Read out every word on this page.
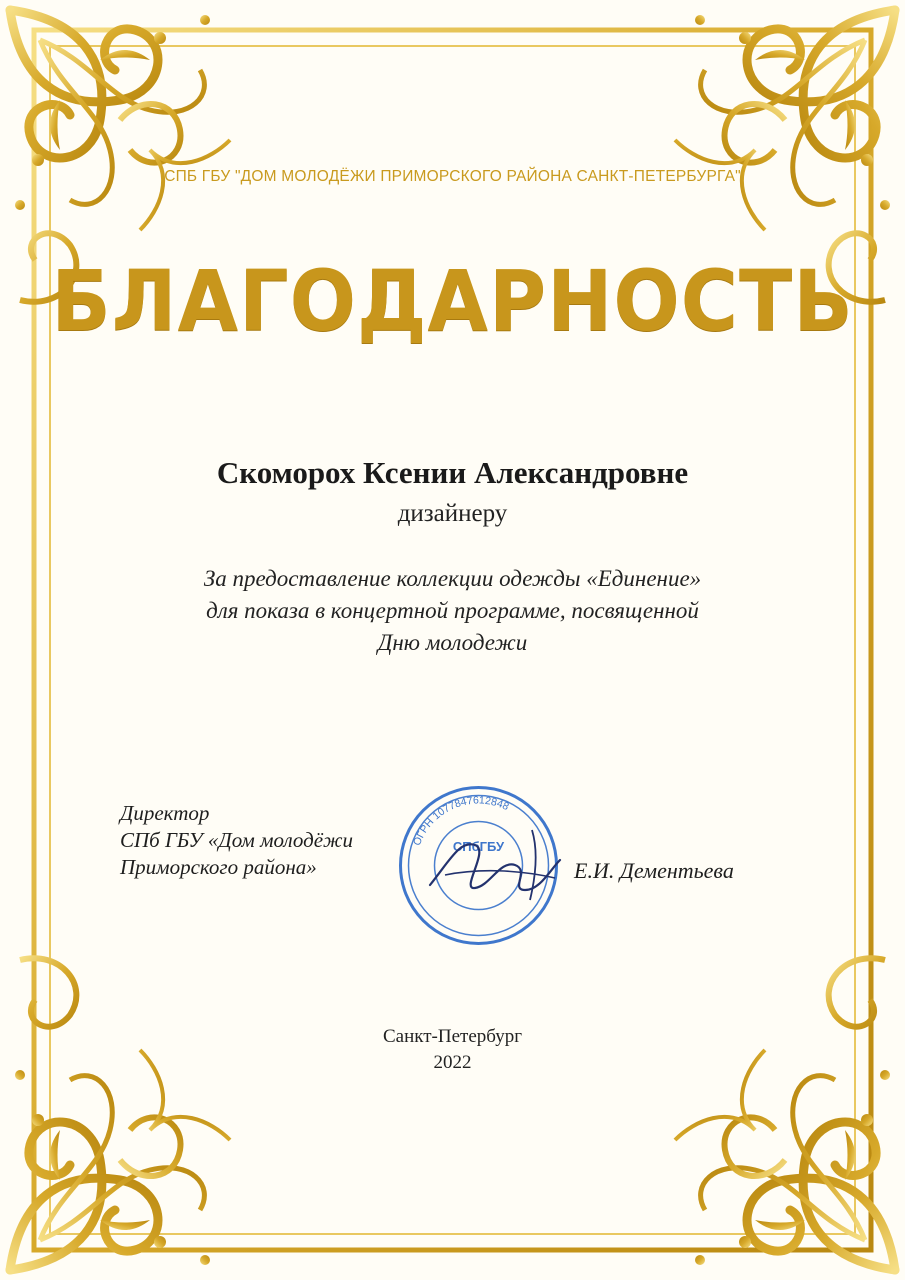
СПБ ГБУ "ДОМ МОЛОДЁЖИ ПРИМОРСКОГО РАЙОНА САНКТ-ПЕТЕРБУРГА"

БЛАГОДАРНОСТЬ

Скоморох Ксении Александровне

дизайнеру

За предоставление коллекции одежды «Единение»
для показа в концертной программе, посвященной
Дню молодежи

Директор
СПб ГБУ «Дом молодёжи
Приморского района»	Е.И. Дементьева

ОГРН 1077847612848
СПбГБУ

Санкт-Петербург

2022
